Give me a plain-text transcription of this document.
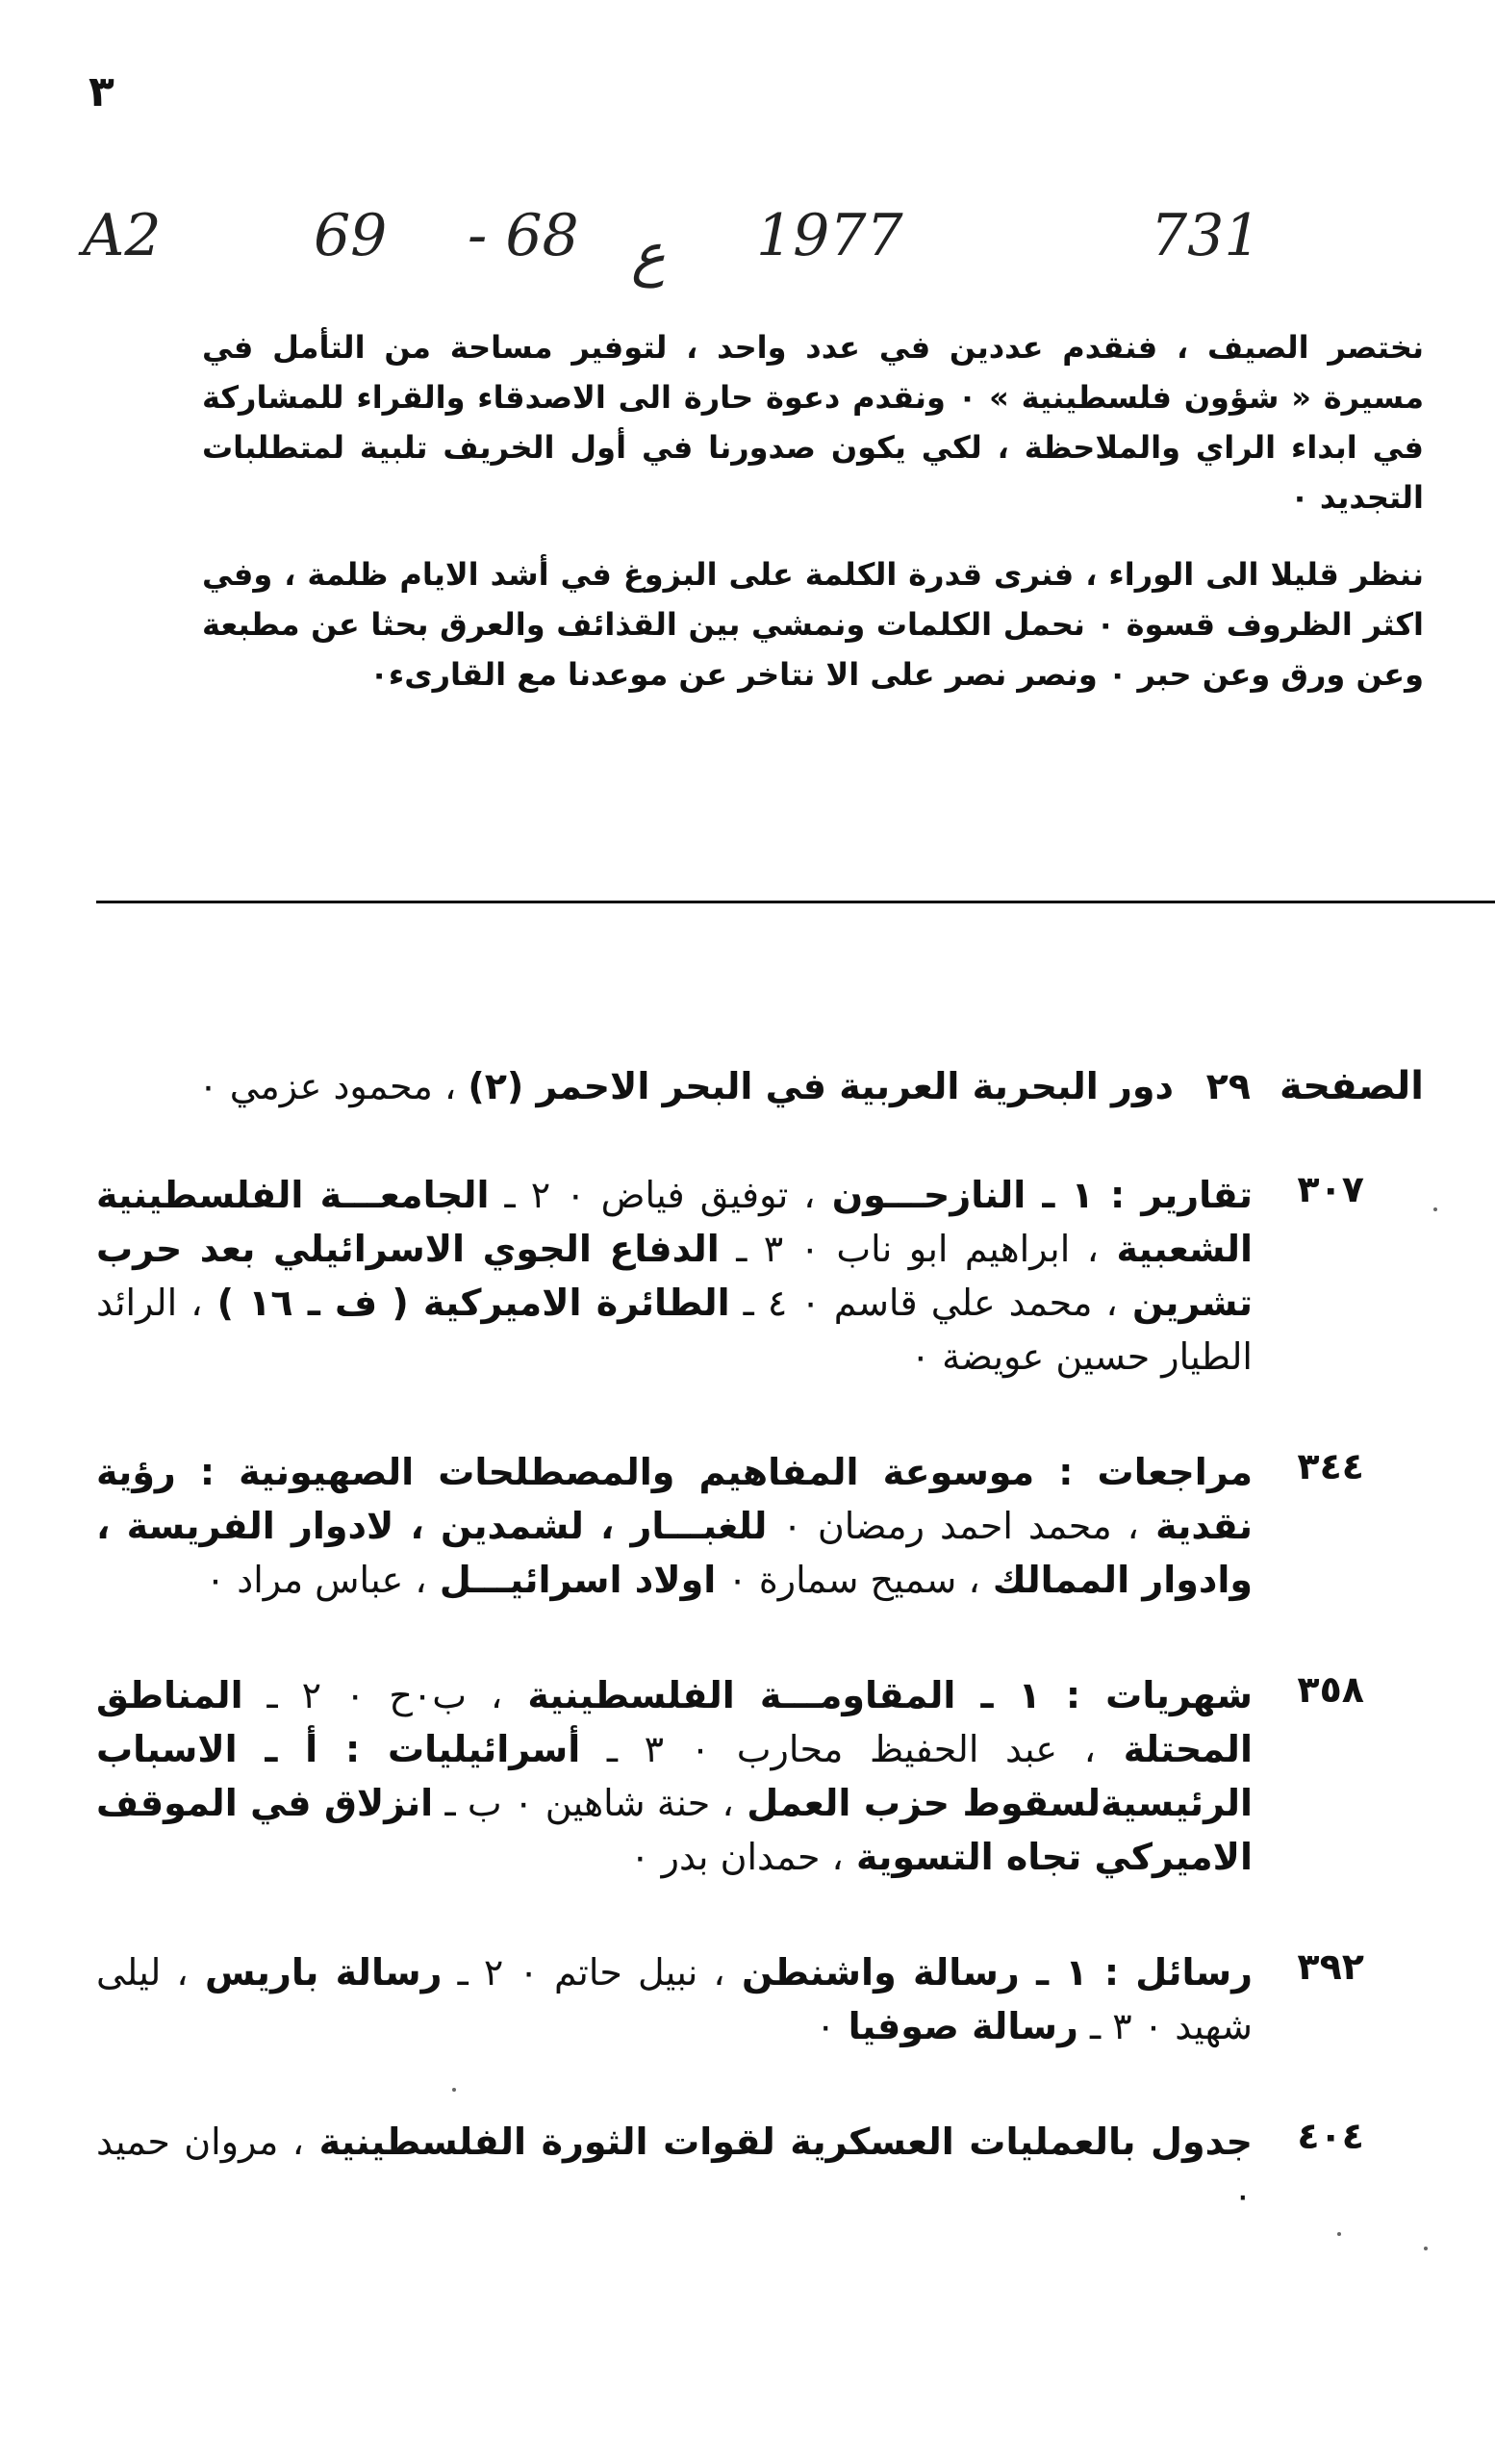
٣
A2	69 - 68 ع 1977	731

نختصر الصيف ، فنقدم عددين في عدد واحد ، لتوفير مساحة من التأمل في مسيرة « شؤون فلسطينية » ٠ ونقدم دعوة حارة الى الاصدقاء والقراء للمشاركة في ابداء الراي والملاحظة ، لكي يكون صدورنا في أول الخريف تلبية لمتطلبات التجديد ٠

ننظر قليلا الى الوراء ، فنرى قدرة الكلمة على البزوغ في أشد الايام ظلمة ، وفي اكثر الظروف قسوة ٠ نحمل الكلمات ونمشي بين القذائف والعرق بحثا عن مطبعة وعن ورق وعن حبر ٠ ونصر نصر على الا نتاخر عن موعدنا مع القارىء٠

الصفحة
٢٩
دور البحرية العربية في البحر الاحمر (٢) ، محمود عزمي ٠
٣٠٧
تقارير : ١ ـ النازحـــون ، توفيق فياض ٠ ٢ ـ الجامعـــة الفلسطينية الشعبية ، ابراهيم ابو ناب ٠ ٣ ـ الدفاع الجوي الاسرائيلي بعد حرب تشرين ، محمد علي قاسم ٠ ٤ ـ الطائرة الاميركية ( ف ـ ١٦ ) ، الرائد الطيار حسين عويضة ٠
٣٤٤
مراجعات : موسوعة المفاهيم والمصطلحات الصهيونية : رؤية نقدية ، محمد احمد رمضان ٠ للغبـــار ، لشمدين ، لادوار الفريسة ، وادوار الممالك ، سميح سمارة ٠ اولاد اسرائيـــل ، عباس مراد ٠
٣٥٨
شهريات : ١ ـ المقاومـــة الفلسطينية ، ب٠ح ٠ ٢ ـ المناطق المحتلة ، عبد الحفيظ محارب ٠ ٣ ـ أسرائيليات : أ ـ الاسباب الرئيسيةلسقوط حزب العمل ، حنة شاهين ٠ ب ـ انزلاق في الموقف الاميركي تجاه التسوية ، حمدان بدر ٠
٣٩٢
رسائل : ١ ـ رسالة واشنطن ، نبيل حاتم ٠ ٢ ـ رسالة باريس ، ليلى شهيد ٠ ٣ ـ رسالة صوفيا ٠
٤٠٤
جدول بالعمليات العسكرية لقوات الثورة الفلسطينية ، مروان حميد ٠
